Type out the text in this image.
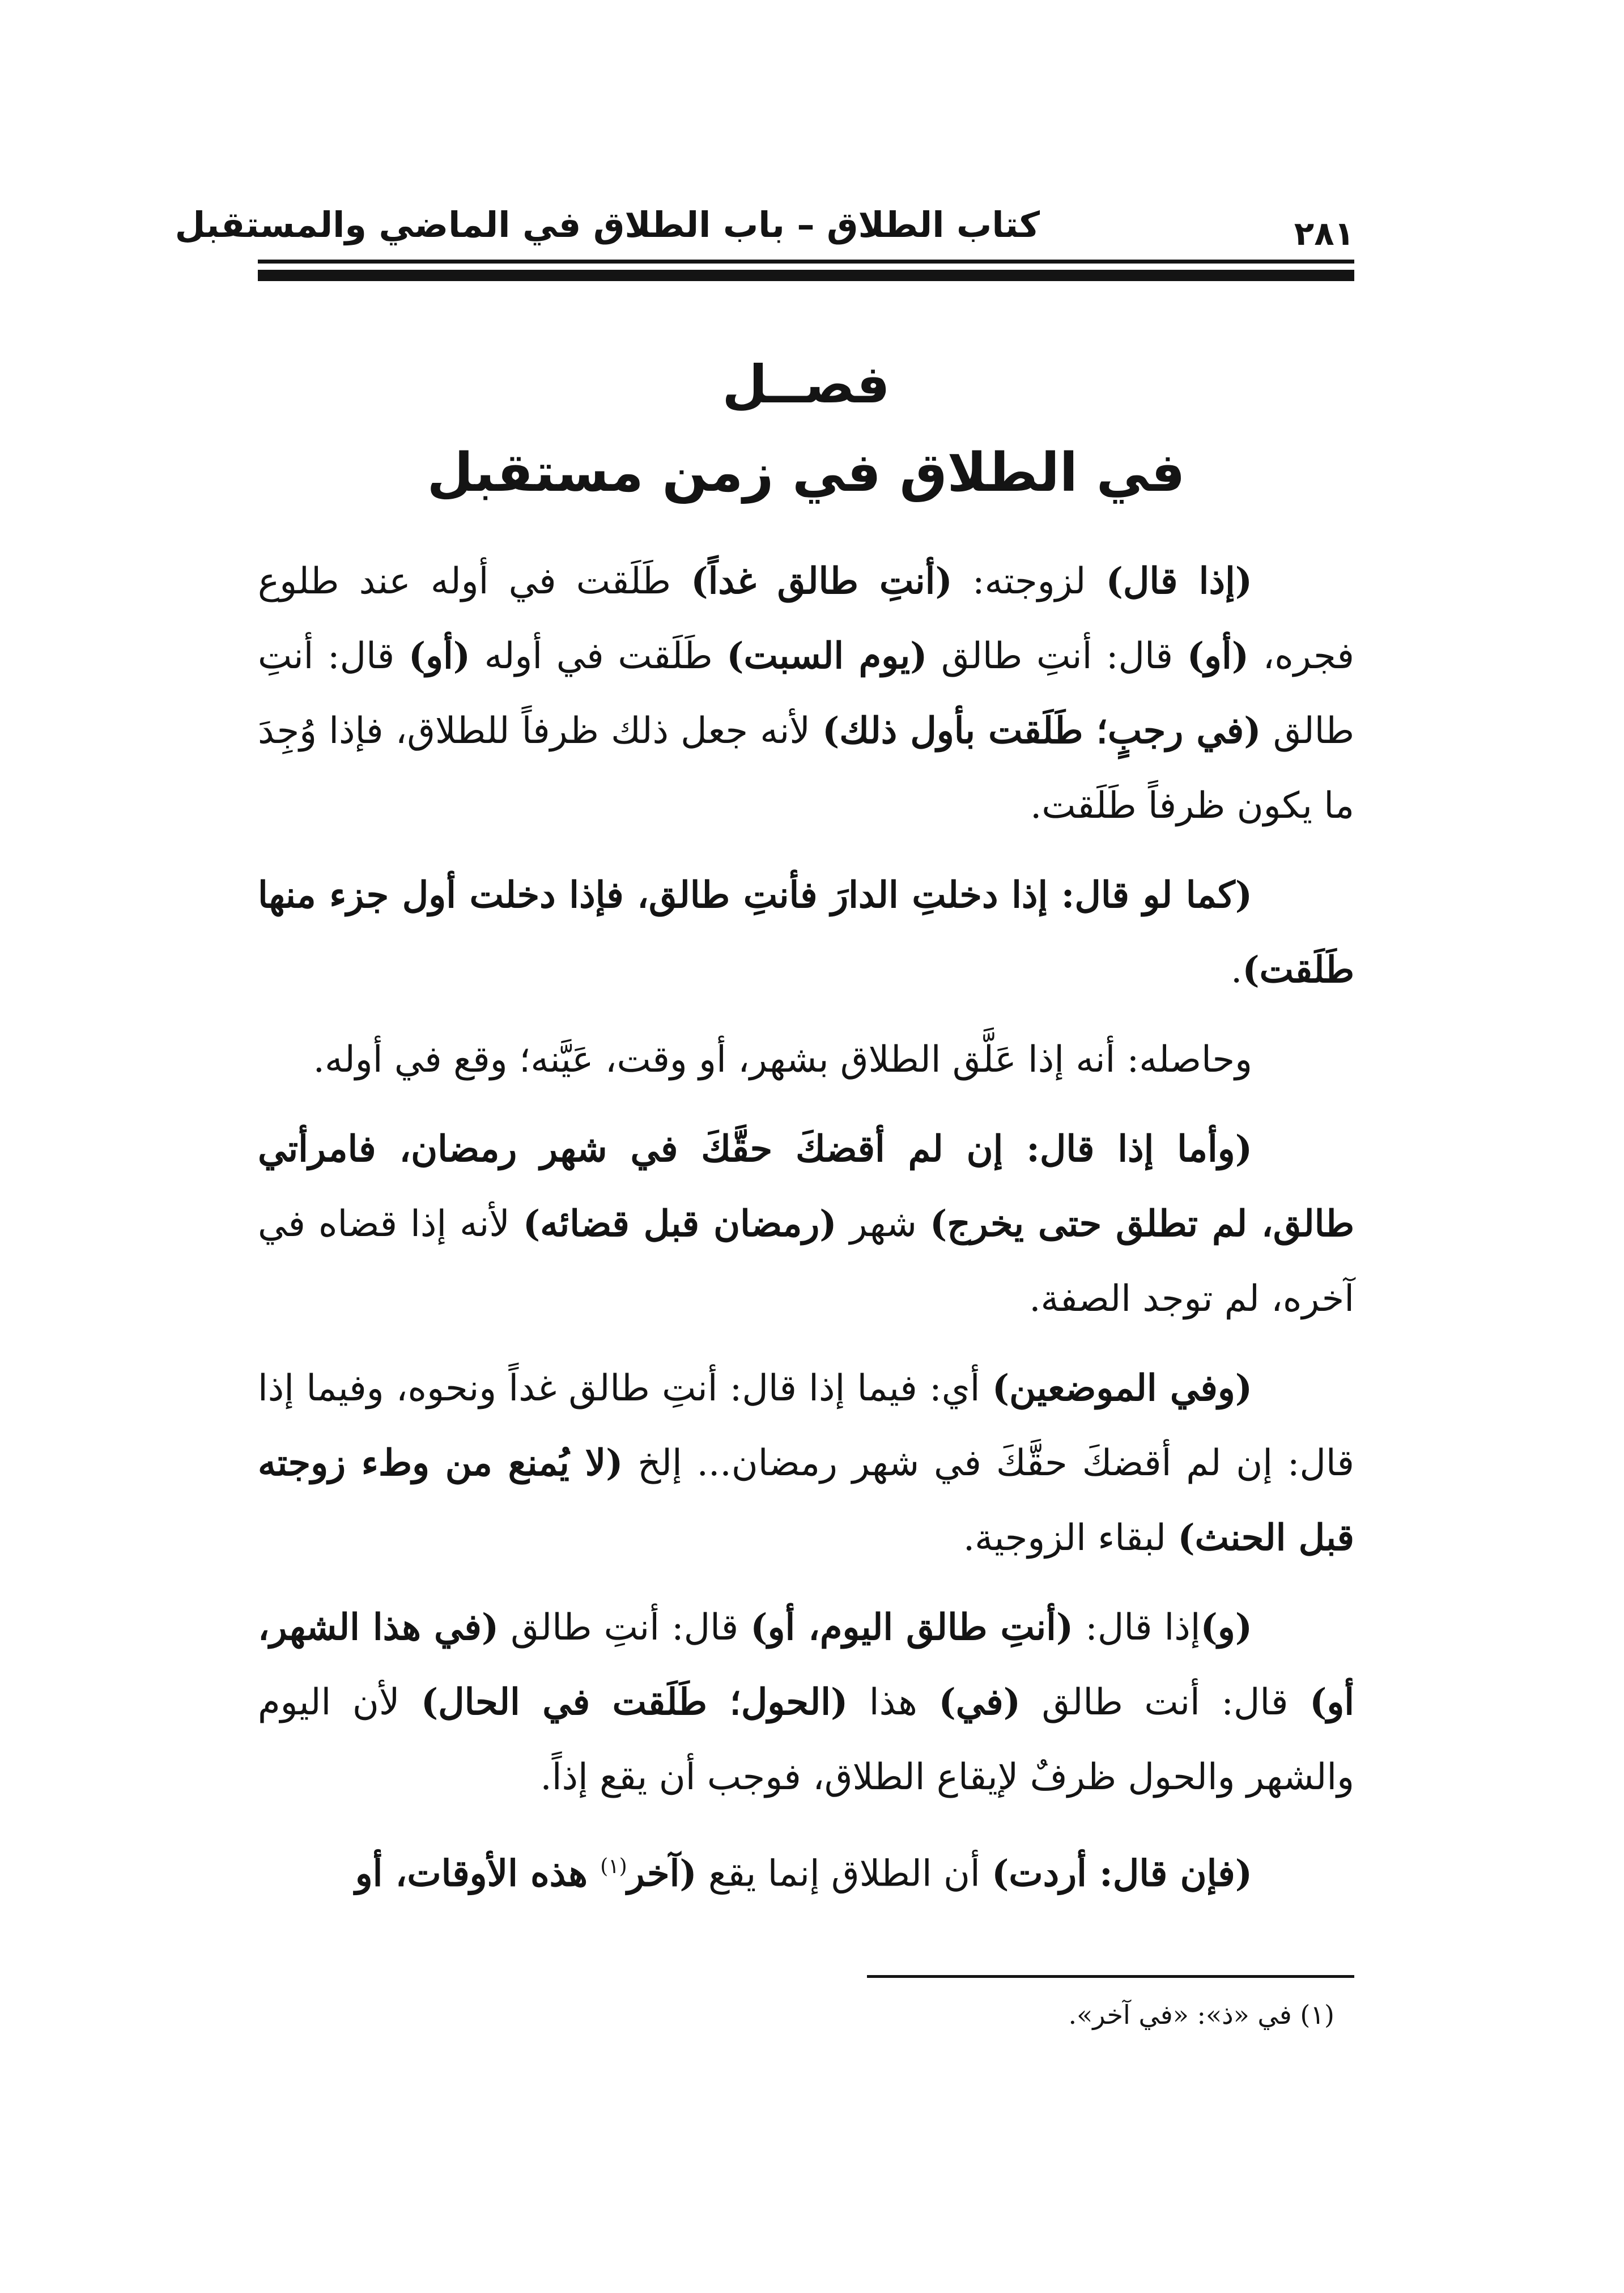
كتاب الطلاق – باب الطلاق في الماضي والمستقبل	٢٨١
فصــل
في الطلاق في زمن مستقبل

(إذا قال) لزوجته: (أنتِ طالق غداً) طَلَقت في أوله عند طلوع فجره، (أو) قال: أنتِ طالق (يوم السبت) طَلَقت في أوله (أو) قال: أنتِ طالق (في رجبٍ؛ طَلَقت بأول ذلك) لأنه جعل ذلك ظرفاً للطلاق، فإذا وُجِدَ ما يكون ظرفاً طَلَقت.

(كما لو قال: إذا دخلتِ الدارَ فأنتِ طالق، فإذا دخلت أول جزء منها طَلَقت).

وحاصله: أنه إذا عَلَّق الطلاق بشهر، أو وقت، عَيَّنه؛ وقع في أوله.

(وأما إذا قال: إن لم أقضكَ حقَّكَ في شهر رمضان، فامرأتي طالق، لم تطلق حتى يخرج) شهر (رمضان قبل قضائه) لأنه إذا قضاه في آخره، لم توجد الصفة.

(وفي الموضعين) أي: فيما إذا قال: أنتِ طالق غداً ونحوه، وفيما إذا قال: إن لم أقضكَ حقَّكَ في شهر رمضان... إلخ (لا يُمنع من وطء زوجته قبل الحنث) لبقاء الزوجية.

(و)إذا قال: (أنتِ طالق اليوم، أو) قال: أنتِ طالق (في هذا الشهر، أو) قال: أنت طالق (في) هذا (الحول؛ طَلَقت في الحال) لأن اليوم والشهر والحول ظرفٌ لإيقاع الطلاق، فوجب أن يقع إذاً.

(فإن قال: أردت) أن الطلاق إنما يقع (آخر$^{(١)}$ هذه الأوقات، أو

(١) في «ذ»: «في آخر».
